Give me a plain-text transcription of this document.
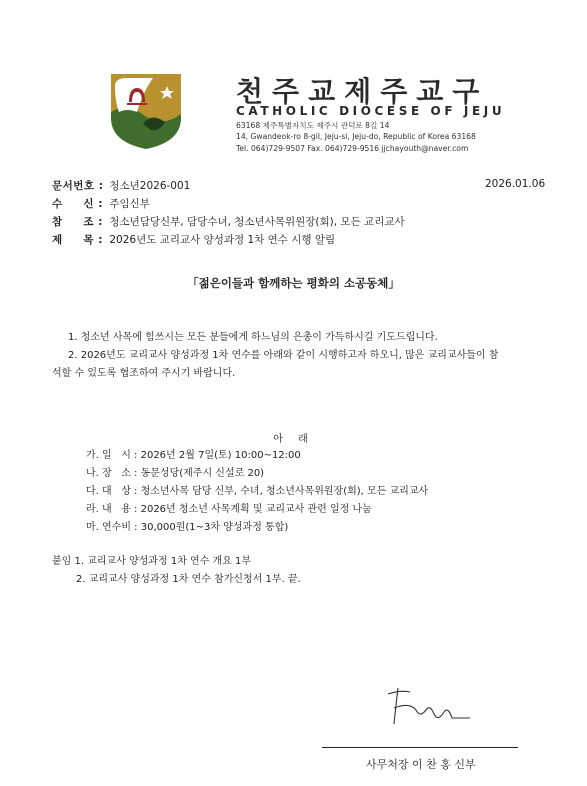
천주교제주교구
CATHOLIC DIOCESE OF JEJU
63168 제주특별자치도 제주시 관덕로 8길 14
14, Gwandeok-ro 8-gil, Jeju-si, Jeju-do, Republic of Korea 63168
Tel. 064)729-9507 Fax. 064)729-9516 jjchayouth@naver.com
문서번호 : 청소년2026-001	2026.01.06
수     신 : 주임신부
참     조 : 청소년담당신부, 담당수녀, 청소년사목위원장(회), 모든 교리교사
제     목 : 2026년도 교리교사 양성과정 1차 연수 시행 알림
「젊은이들과 함께하는 평화의 소공동체」
1. 청소년 사목에 힘쓰시는 모든 분들에게 하느님의 은총이 가득하시길 기도드립니다.
2. 2026년도 교리교사 양성과정 1차 연수를 아래와 같이 시행하고자 하오니, 많은 교리교사들이 참
석할 수 있도록 협조하여 주시기 바랍니다.
아 래
가. 일   시 : 2026년 2월 7일(토) 10:00~12:00
나. 장   소 : 동문성당(제주시 신설로 20)
다. 대   상 : 청소년사목 담당 신부, 수녀, 청소년사목위원장(회), 모든 교리교사
라. 내   용 : 2026년 청소년 사목계획 및 교리교사 관련 일정 나눔
마. 연수비 : 30,000원(1~3차 양성과정 통합)
붙임 1. 교리교사 양성과정 1차 연수 개요 1부
2. 교리교사 양성과정 1차 연수 참가신청서 1부. 끝.
사무처장 이 찬 홍 신부
